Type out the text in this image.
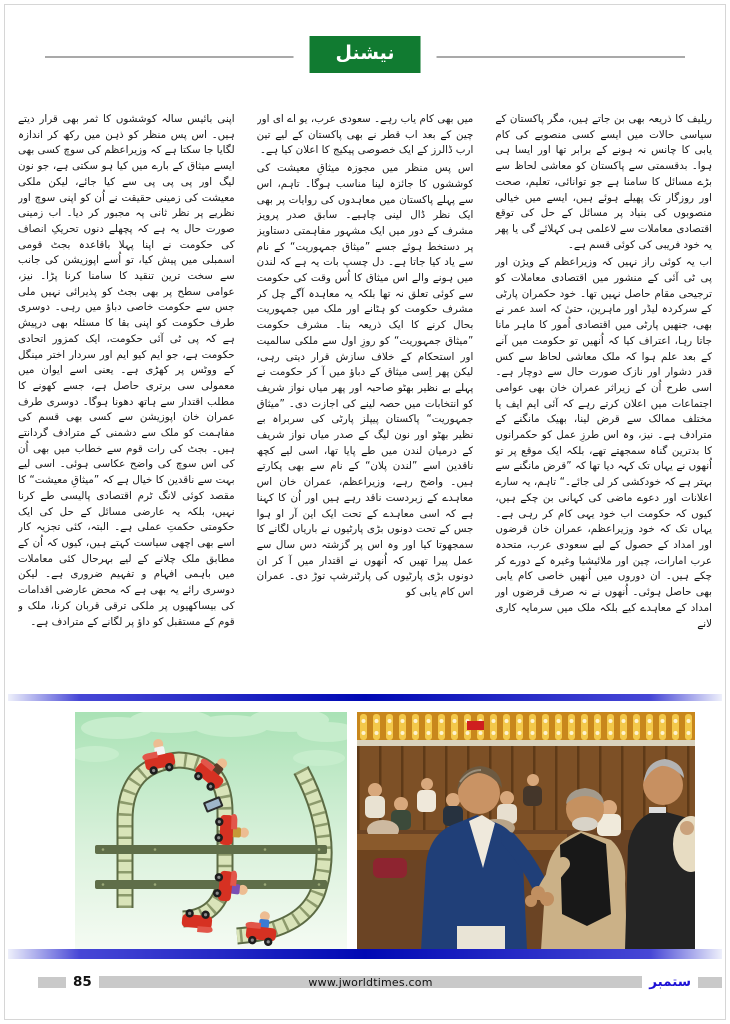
نیشنل

ریلیف کا ذریعہ بھی بن جاتے ہیں، مگر پاکستان کے سیاسی حالات میں ایسے کسی منصوبے کی کام یابی کا چانس نہ ہونے کے برابر تھا اور ایسا ہی ہوا۔ بدقسمتی سے پاکستان کو معاشی لحاظ سے بڑے مسائل کا سامنا ہے جو توانائی، تعلیم، صحت اور روزگار تک پھیلے ہوئے ہیں، ایسے میں خیالی منصوبوں کی بنیاد پر مسائل کے حل کی توقع اقتصادی معاملات سے لاعلمی ہی کہلائے گی یا پھر یہ خود فریبی کی کوئی قسم ہے۔

اب یہ کوئی راز نہیں کہ وزیراعظم کے ویژن اور پی ٹی آئی کے منشور میں اقتصادی معاملات کو ترجیحی مقام حاصل نہیں تھا۔ خود حکمران پارٹی کے سرکردہ لیڈر اور ماہرین، حتیٰ کہ اسد عمر نے بھی، جنھیں پارٹی میں اقتصادی اُمور کا ماہر مانا جاتا رہا، اعتراف کیا کہ اُنھیں تو حکومت میں آنے کے بعد علم ہوا کہ ملک معاشی لحاظ سے کس قدر دشوار اور نازک صورت حال سے دوچار ہے۔ اسی طرح اُن کے زیراثر عمران خان بھی عوامی اجتماعات میں اعلان کرتے رہے کہ آئی ایم ایف یا مختلف ممالک سے قرض لینا، بھیک مانگنے کے مترادف ہے۔ نیز، وہ اس طرزِ عمل کو حکمرانوں کا بدترین گناہ سمجھتے تھے، بلکہ ایک موقع پر تو اُنھوں نے یہاں تک کہہ دیا تھا کہ ”قرض مانگنے سے بہتر ہے کہ خودکشی کر لی جائے۔“ تاہم، یہ سارے اعلانات اور دعوے ماضی کی کہانی بن چکے ہیں، کیوں کہ حکومت اب خود یہی کام کر رہی ہے۔ یہاں تک کہ خود وزیراعظم، عمران خان قرضوں اور امداد کے حصول کے لیے سعودی عرب، متحدہ عرب امارات، چین اور ملائیشیا وغیرہ کے دورے کر چکے ہیں۔ ان دوروں میں اُنھیں خاصی کام یابی بھی حاصل ہوئی۔ اُنھوں نے نہ صرف قرضوں اور امداد کے معاہدے کیے بلکہ ملک میں سرمایہ کاری لانے

میں بھی کام یاب رہے۔ سعودی عرب، یو اے ای اور چین کے بعد اب قطر نے بھی پاکستان کے لیے تین ارب ڈالرز کے ایک خصوصی پیکیج کا اعلان کیا ہے۔

اس پس منظر میں مجوزہ میثاقِ معیشت کی کوششوں کا جائزہ لینا مناسب ہوگا۔ تاہم، اس سے پہلے پاکستان میں معاہدوں کی روایات پر بھی ایک نظر ڈال لینی چاہیے۔ سابق صدر پرویز مشرف کے دور میں ایک مشہور مفاہمتی دستاویز پر دستخط ہوئے جسے ”میثاق جمہوریت“ کے نام سے یاد کیا جاتا ہے۔ دل چسپ بات یہ ہے کہ لندن میں ہونے والے اس میثاق کا اُس وقت کی حکومت سے کوئی تعلق نہ تھا بلکہ یہ معاہدہ آگے چل کر مشرف حکومت کو ہٹانے اور ملک میں جمہوریت بحال کرنے کا ایک ذریعہ بنا۔ مشرف حکومت ”میثاق جمہوریت“ کو روزِ اول سے ملکی سالمیت اور استحکام کے خلاف سازش قرار دیتی رہی، لیکن پھر اِسی میثاق کے دباؤ میں آ کر حکومت نے پہلے بے نظیر بھٹو صاحبہ اور پھر میاں نواز شریف کو انتخابات میں حصہ لینے کی اجازت دی۔ ”میثاق جمہوریت“ پاکستان پیپلز پارٹی کی سربراہ بے نظیر بھٹو اور نون لیگ کے صدر میاں نواز شریف کے درمیان لندن میں طے پایا تھا، اسی لیے کچھ ناقدین اسے ”لندن پلان“ کے نام سے بھی پکارتے ہیں۔ واضح رہے، وزیراعظم، عمران خان اس معاہدے کے زبردست ناقد رہے ہیں اور اُن کا کہنا ہے کہ اسی معاہدے کے تحت ایک این آر او ہوا جس کے تحت دونوں بڑی پارٹیوں نے باریاں لگانے کا سمجھوتا کیا اور وہ اس پر گزشتہ دس سال سے عمل پیرا تھیں کہ اُنھوں نے اقتدار میں آ کر ان دونوں بڑی پارٹیوں کی پارٹنرشپ توڑ دی۔ عمران اس کام یابی کو

اپنی بائیس سالہ کوششوں کا ثمر بھی قرار دیتے ہیں۔ اس پس منظر کو ذہن میں رکھ کر اندازہ لگایا جا سکتا ہے کہ وزیراعظم کی سوچ کسی بھی ایسے میثاق کے بارے میں کیا ہو سکتی ہے، جو نون لیگ اور پی پی پی سے کیا جائے، لیکن ملکی معیشت کی زمینی حقیقت نے اُن کو اپنی سوچ اور نظریے پر نظر ثانی پہ مجبور کر دیا۔ اب زمینی صورت حال یہ ہے کہ پچھلے دنوں تحریکِ انصاف کی حکومت نے اپنا پہلا باقاعدہ بجٹ قومی اسمبلی میں پیش کیا، تو اُسے اپوزیشن کی جانب سے سخت ترین تنقید کا سامنا کرنا پڑا۔ نیز، عوامی سطح پر بھی بجٹ کو پذیرائی نہیں ملی جس سے حکومت خاصی دباؤ میں رہی۔ دوسری طرف حکومت کو اپنی بقا کا مسئلہ بھی درپیش ہے کہ پی ٹی آئی حکومت، ایک کمزور اتحادی حکومت ہے، جو ایم کیو ایم اور سردار اختر مینگل کے ووٹس پر کھڑی ہے۔ یعنی اسے ایوان میں معمولی سی برتری حاصل ہے، جسے کھونے کا مطلب اقتدار سے ہاتھ دھونا ہوگا۔ دوسری طرف عمران خان اپوزیشن سے کسی بھی قسم کی مفاہمت کو ملک سے دشمنی کے مترادف گردانتے ہیں۔ بجٹ کی رات قوم سے خطاب میں بھی اُن کی اس سوچ کی واضح عکاسی ہوئی۔ اسی لیے بہت سے ناقدین کا خیال ہے کہ ”میثاقِ معیشت“ کا مقصد کوئی لانگ ٹرم اقتصادی پالیسی طے کرنا نہیں، بلکہ یہ عارضی مسائل کے حل کی ایک حکومتی حکمتِ عملی ہے۔ البتہ، کئی تجزیہ کار اسے بھی اچھی سیاست کہتے ہیں، کیوں کہ اُن کے مطابق ملک چلانے کے لیے بہرحال کئی معاملات میں باہمی افہام و تفہیم ضروری ہے۔ لیکن دوسری رائے یہ بھی ہے کہ محض عارضی اقدامات کی بیساکھیوں پر ملکی ترقی قربان کرنا، ملک و قوم کے مستقبل کو داؤ پر لگانے کے مترادف ہے۔

85	www.jworldtimes.com	ستمبر
